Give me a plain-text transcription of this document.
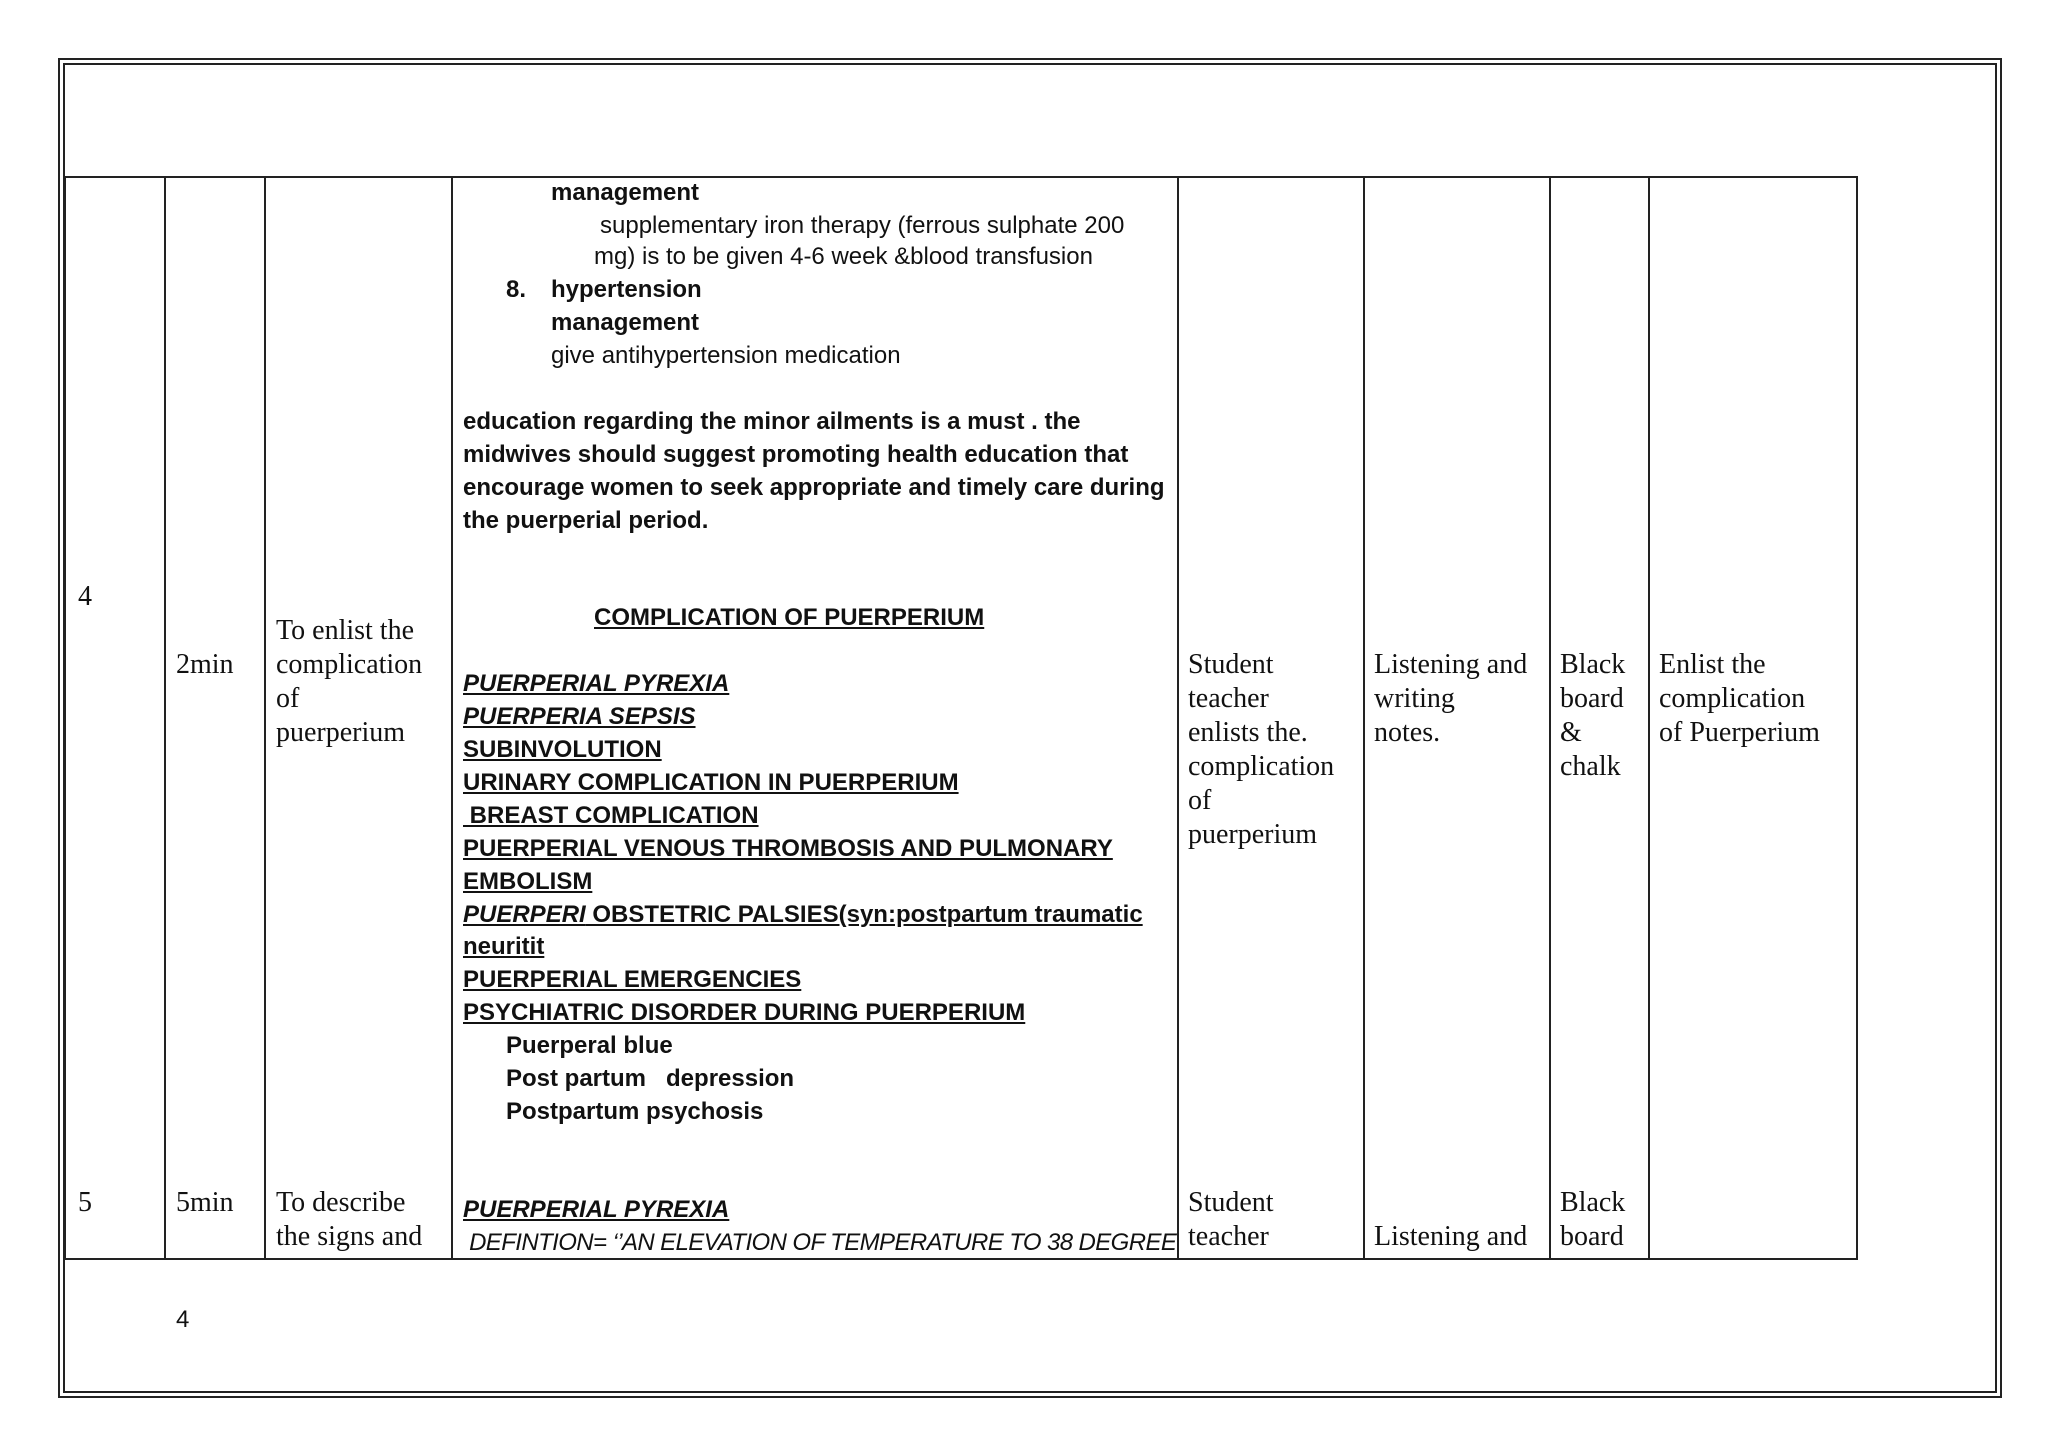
4
2min
To enlist the
complication
of
puerperium
Student
teacher
enlists the.
complication
of
puerperium
Listening and
writing
notes.
Black
board
&
chalk
Enlist the
complication
of Puerperium
5	5min To describe
the signs and
Student
teacher	Listening and
Black
board
management
supplementary iron therapy (ferrous sulphate 200
mg) is to be given 4-6 week &blood transfusion
8. hypertension
management
give antihypertension medication
education regarding the minor ailments is a must . the
midwives should suggest promoting health education that
encourage women to seek appropriate and timely care during
the puerperial period.
COMPLICATION OF PUERPERIUM
PUERPERIAL PYREXIA
PUERPERIA SEPSIS
SUBINVOLUTION
URINARY COMPLICATION IN PUERPERIUM
BREAST COMPLICATION
PUERPERIAL VENOUS THROMBOSIS AND PULMONARY
EMBOLISM
PUERPERI OBSTETRIC PALSIES(syn:postpartum traumatic
neuritit
PUERPERIAL EMERGENCIES
PSYCHIATRIC DISORDER DURING PUERPERIUM
Puerperal blue
Post partum   depression
Postpartum psychosis
PUERPERIAL PYREXIA
DEFINTION= ‘’AN ELEVATION OF TEMPERATURE TO 38 DEGREE
4
